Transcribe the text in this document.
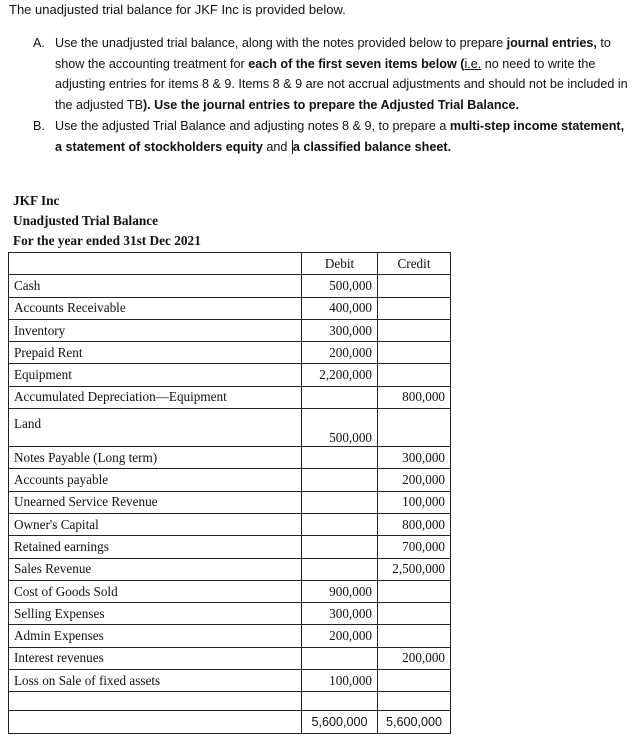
The unadjusted trial balance for JKF Inc is provided below.
A. Use the unadjusted trial balance, along with the notes provided below to prepare journal entries, to show the accounting treatment for each of the first seven items below (i.e. no need to write the adjusting entries for items 8 & 9. Items 8 & 9 are not accrual adjustments and should not be included in the adjusted TB). Use the journal entries to prepare the Adjusted Trial Balance.
B. Use the adjusted Trial Balance and adjusting notes 8 & 9, to prepare a multi-step income statement, a statement of stockholders equity and a classified balance sheet.
JKF Inc
Unadjusted Trial Balance
For the year ended 31st Dec 2021
	Debit	Credit
Cash	500,000	
Accounts Receivable	400,000	
Inventory	300,000	
Prepaid Rent	200,000	
Equipment	2,200,000	
Accumulated Depreciation—Equipment		800,000
Land	500,000	
Notes Payable (Long term)		300,000
Accounts payable		200,000
Unearned Service Revenue		100,000
Owner's Capital		800,000
Retained earnings		700,000
Sales Revenue		2,500,000
Cost of Goods Sold	900,000	
Selling Expenses	300,000	
Admin Expenses	200,000	
Interest revenues		200,000
Loss on Sale of fixed assets	100,000	

	5,600,000	5,600,000
